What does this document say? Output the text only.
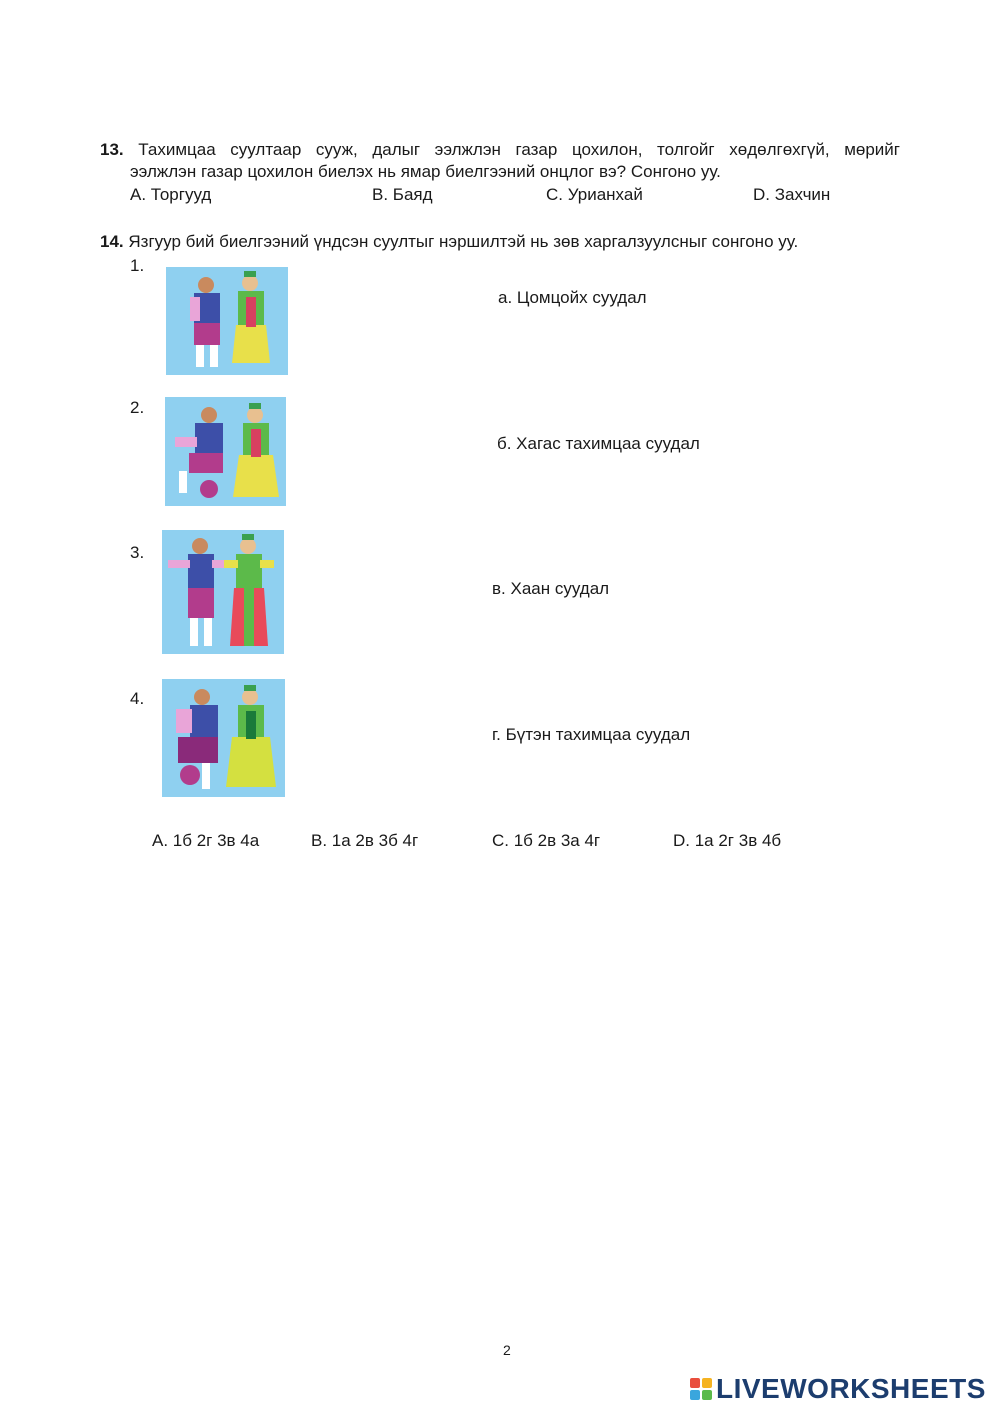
13. Тахимцаа суултаар сууж, далыг ээлжлэн газар цохилон, толгойг хөдөлгөхгүй, мөрийг
ээлжлэн газар цохилон биелэх нь ямар биелгээний онцлог вэ? Сонгоно уу.
А. Торгууд	B. Баяд	C. Урианхай	D. Захчин
14. Язгуур бий биелгээний үндсэн суултыг нэршилтэй нь зөв харгалзуулсныг сонгоно уу.
1.
а. Цомцойх суудал
2.
б. Хагас тахимцаа суудал
3.
в. Хаан суудал
4.
г. Бүтэн тахимцаа суудал
A. 1б 2г 3в 4а	B. 1а 2в 3б 4г	C. 1б 2в 3а 4г	D. 1а 2г 3в 4б
2
LIVEWORKSHEETS
